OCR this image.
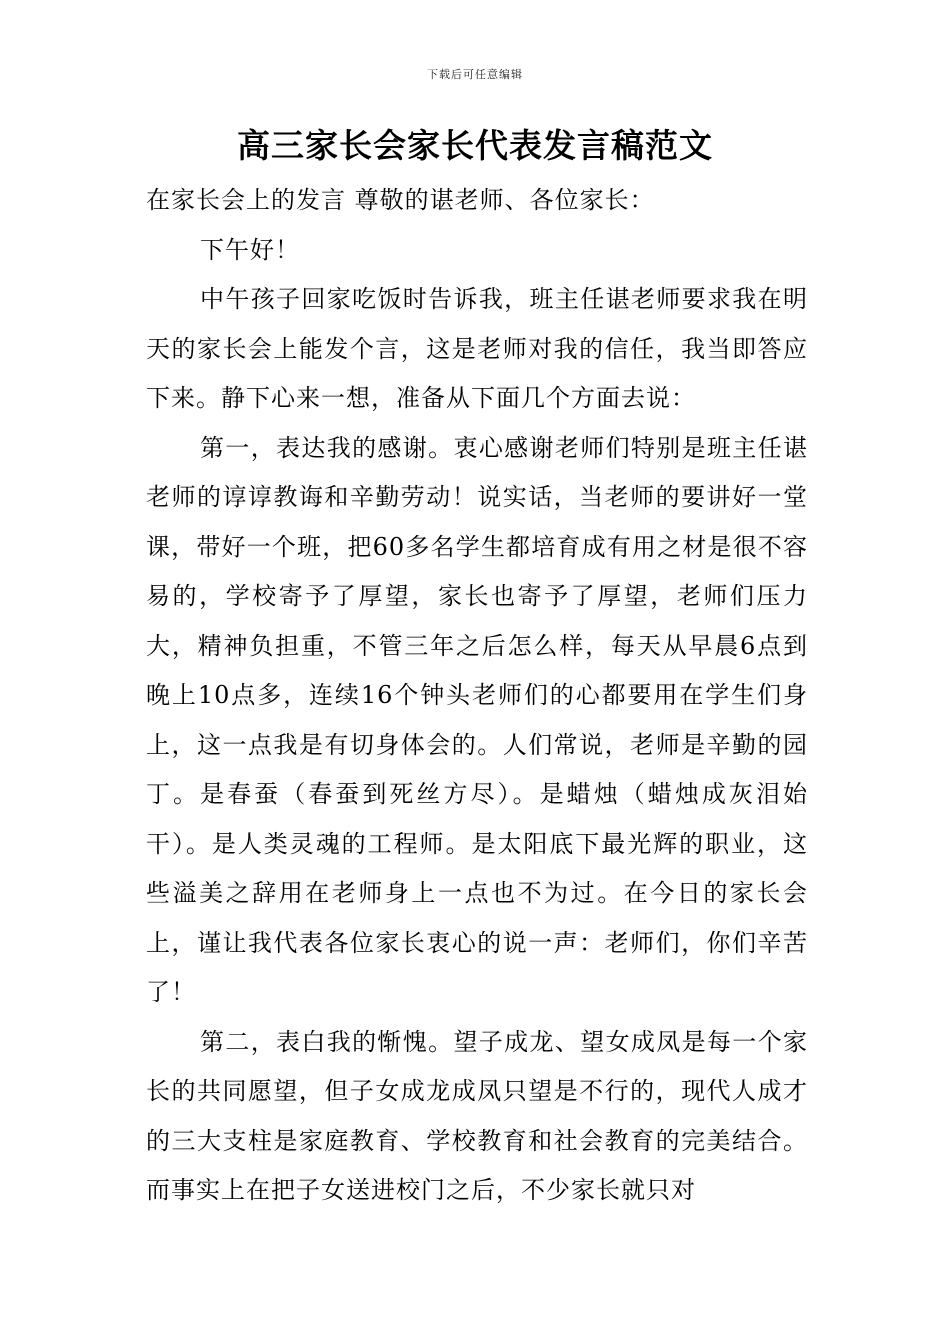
下载后可任意编辑
高三家长会家长代表发言稿范文

在家长会上的发言 尊敬的谌老师、各位家长：

下午好！

中午孩子回家吃饭时告诉我，班主任谌老师要求我在明天的家长会上能发个言，这是老师对我的信任，我当即答应下来。静下心来一想，准备从下面几个方面去说：

第一，表达我的感谢。衷心感谢老师们特别是班主任谌老师的谆谆教诲和辛勤劳动！说实话，当老师的要讲好一堂课，带好一个班，把60多名学生都培育成有用之材是很不容易的，学校寄予了厚望，家长也寄予了厚望，老师们压力大，精神负担重，不管三年之后怎么样，每天从早晨6点到晚上10点多，连续16个钟头老师们的心都要用在学生们身上，这一点我是有切身体会的。人们常说，老师是辛勤的园丁。是春蚕（春蚕到死丝方尽）。是蜡烛（蜡烛成灰泪始干）。是人类灵魂的工程师。是太阳底下最光辉的职业，这些溢美之辞用在老师身上一点也不为过。在今日的家长会上，谨让我代表各位家长衷心的说一声：老师们，你们辛苦了！

第二，表白我的惭愧。望子成龙、望女成凤是每一个家长的共同愿望，但子女成龙成凤只望是不行的，现代人成才的三大支柱是家庭教育、学校教育和社会教育的完美结合。而事实上在把子女送进校门之后，不少家长就只对
